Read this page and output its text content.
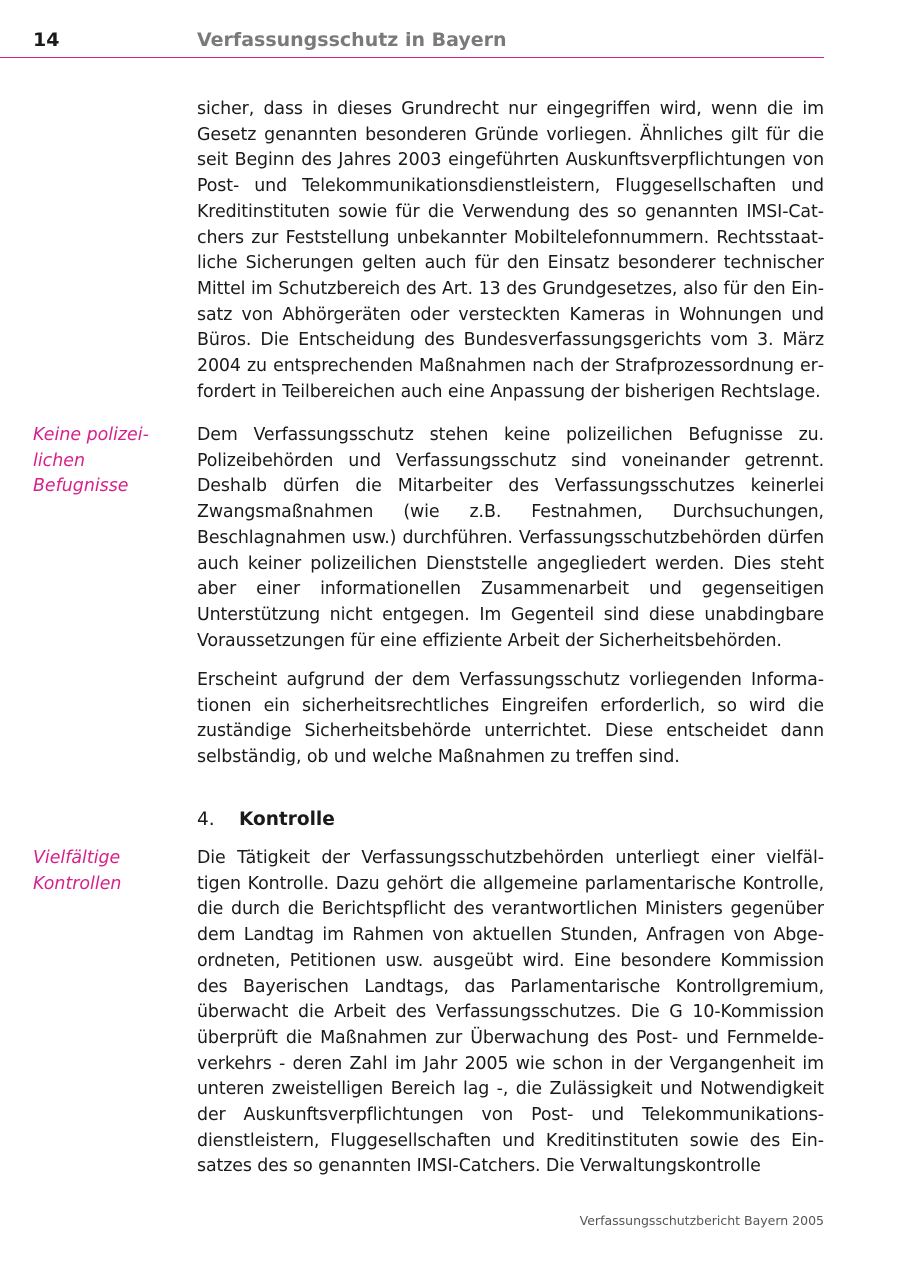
14	Verfassungsschutz in Bayern

sicher, dass in dieses Grundrecht nur eingegriffen wird, wenn die im Gesetz genannten besonderen Gründe vorliegen. Ähnliches gilt für die seit Beginn des Jahres 2003 eingeführten Auskunftsverpflichtungen von Post- und Telekommunikationsdienstleistern, Fluggesellschaften und Kreditinstituten sowie für die Verwendung des so genannten IMSI-Catchers zur Feststellung unbekannter Mobiltelefonnummern. Rechtsstaatliche Sicherungen gelten auch für den Einsatz besonderer technischer Mittel im Schutzbereich des Art. 13 des Grundgesetzes, also für den Einsatz von Abhörgeräten oder versteckten Kameras in Wohnungen und Büros. Die Entscheidung des Bundesverfassungsgerichts vom 3. März 2004 zu entsprechenden Maßnahmen nach der Strafprozessordnung erfordert in Teilbereichen auch eine Anpassung der bisherigen Rechtslage.

Keine polizei-
lichen Befugnisse

Dem Verfassungsschutz stehen keine polizeilichen Befugnisse zu. Polizeibehörden und Verfassungsschutz sind voneinander getrennt. Deshalb dürfen die Mitarbeiter des Verfassungsschutzes keinerlei Zwangsmaßnahmen (wie z.B. Festnahmen, Durchsuchungen, Beschlagnahmen usw.) durchführen. Verfassungsschutzbehörden dürfen auch keiner polizeilichen Dienststelle angegliedert werden. Dies steht aber einer informationellen Zusammenarbeit und gegenseitigen Unterstützung nicht entgegen. Im Gegenteil sind diese unabdingbare Voraussetzungen für eine effiziente Arbeit der Sicherheitsbehörden.

Erscheint aufgrund der dem Verfassungsschutz vorliegenden Informationen ein sicherheitsrechtliches Eingreifen erforderlich, so wird die zuständige Sicherheitsbehörde unterrichtet. Diese entscheidet dann selbständig, ob und welche Maßnahmen zu treffen sind.

4. Kontrolle
Vielfältige
Kontrollen

Die Tätigkeit der Verfassungsschutzbehörden unterliegt einer vielfältigen Kontrolle. Dazu gehört die allgemeine parlamentarische Kontrolle, die durch die Berichtspflicht des verantwortlichen Ministers gegenüber dem Landtag im Rahmen von aktuellen Stunden, Anfragen von Abgeordneten, Petitionen usw. ausgeübt wird. Eine besondere Kommission des Bayerischen Landtags, das Parlamentarische Kontrollgremium, überwacht die Arbeit des Verfassungsschutzes. Die G 10-Kommission überprüft die Maßnahmen zur Überwachung des Post- und Fernmeldeverkehrs - deren Zahl im Jahr 2005 wie schon in der Vergangenheit im unteren zweistelligen Bereich lag -, die Zulässigkeit und Notwendigkeit der Auskunftsverpflichtungen von Post- und Telekommunikationsdienstleistern, Fluggesellschaften und Kreditinstituten sowie des Einsatzes des so genannten IMSI-Catchers. Die Verwaltungskontrolle

Verfassungsschutzbericht Bayern 2005
